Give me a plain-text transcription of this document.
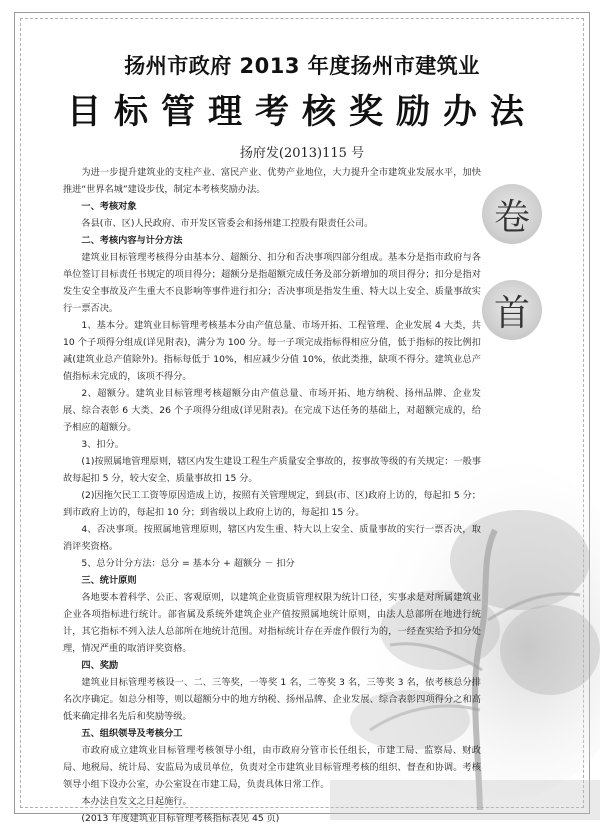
扬州市政府 2013 年度扬州市建筑业
目标管理考核奖励办法
扬府发(2013)115 号
卷
首

为进一步提升建筑业的支柱产业、富民产业、优势产业地位，大力提升全市建筑业发展水平，加快推进“世界名城”建设步伐，制定本考核奖励办法。

一、考核对象

各县(市、区)人民政府、市开发区管委会和扬州建工控股有限责任公司。

二、考核内容与计分方法

建筑业目标管理考核得分由基本分、超额分、扣分和否决事项四部分组成。基本分是指市政府与各单位签订目标责任书规定的项目得分；超额分是指超额完成任务及部分新增加的项目得分；扣分是指对发生安全事故及产生重大不良影响等事件进行扣分；否决事项是指发生重、特大以上安全、质量事故实行一票否决。

1、基本分。建筑业目标管理考核基本分由产值总量、市场开拓、工程管理、企业发展 4 大类，共 10 个子项得分组成(详见附表)，满分为 100 分。每一子项完成指标得相应分值，低于指标的按比例扣减(建筑业总产值除外)。指标每低于 10%，相应减少分值 10%，依此类推，缺项不得分。建筑业总产值指标未完成的，该项不得分。

2、超额分。建筑业目标管理考核超额分由产值总量、市场开拓、地方纳税、扬州品牌、企业发展、综合表彰 6 大类、26 个子项得分组成(详见附表)。在完成下达任务的基础上，对超额完成的，给予相应的超额分。

3、扣分。

(1)按照属地管理原则，辖区内发生建设工程生产质量安全事故的，按事故等级的有关规定：一般事故每起扣 5 分，较大安全、质量事故扣 15 分。

(2)因拖欠民工工资等原因造成上访，按照有关管理规定，到县(市、区)政府上访的，每起扣 5 分；到市政府上访的，每起扣 10 分；到省级以上政府上访的，每起扣 15 分。

4、否决事项。按照属地管理原则，辖区内发生重、特大以上安全、质量事故的实行一票否决，取消评奖资格。

5、总分计分方法：总分 = 基本分 + 超额分 － 扣分

三、统计原则

各地要本着科学、公正、客观原则，以建筑企业资质管理权限为统计口径，实事求是对所属建筑业企业各项指标进行统计。部省属及系统外建筑企业产值按照属地统计原则，由法人总部所在地进行统计，其它指标不列入法人总部所在地统计范围。对指标统计存在弄虚作假行为的，一经查实给予扣分处理，情况严重的取消评奖资格。

四、奖励

建筑业目标管理考核设一、二、三等奖，一等奖 1 名，二等奖 3 名，三等奖 3 名，依考核总分排名次序确定。如总分相等，则以超额分中的地方纳税、扬州品牌、企业发展、综合表彰四项得分之和高低来确定排名先后和奖励等级。

五、组织领导及考核分工

市政府成立建筑业目标管理考核领导小组，由市政府分管市长任组长，市建工局、监察局、财政局、地税局、统计局、安监局为成员单位，负责对全市建筑业目标管理考核的组织、督查和协调。考核领导小组下设办公室，办公室设在市建工局，负责具体日常工作。

本办法自发文之日起施行。

(2013 年度建筑业目标管理考核指标表见 45 页)
